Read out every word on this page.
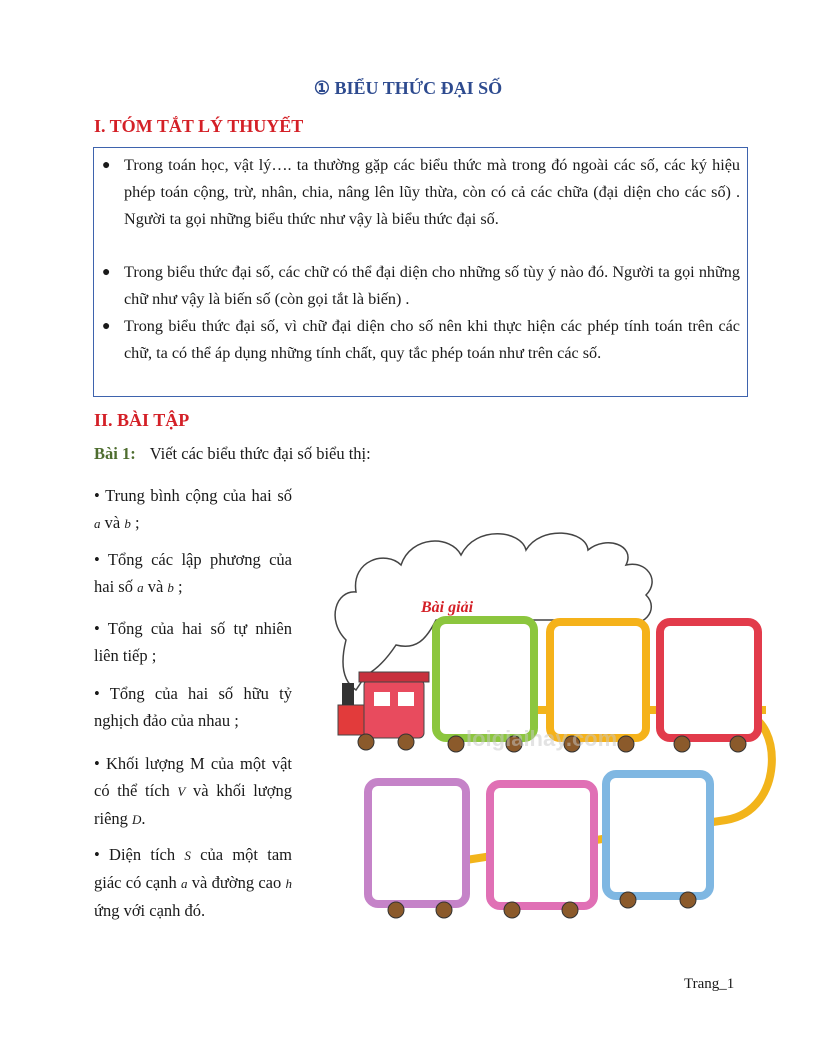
① BIỂU THỨC ĐẠI SỐ
I. TÓM TẮT LÝ THUYẾT
● Trong toán học, vật lý…. ta thường gặp các biểu thức mà trong đó ngoài các số, các ký hiệu phép toán cộng, trừ, nhân, chia, nâng lên lũy thừa, còn có cả các chữa (đại diện cho các số) . Người ta gọi những biểu thức như vậy là biểu thức đại số.
● Trong biểu thức đại số, các chữ có thể đại diện cho những số tùy ý nào đó. Người ta gọi những chữ như vậy là biến số (còn gọi tắt là biến) .
● Trong biểu thức đại số, vì chữ đại diện cho số nên khi thực hiện các phép tính toán trên các chữ, ta có thể áp dụng những tính chất, quy tắc phép toán như trên các số.
II. BÀI TẬP
Bài 1: Viết các biểu thức đại số biểu thị:
• Trung bình cộng của hai số a và b ;
• Tổng các lập phương của hai số a và b ;
• Tổng của hai số tự nhiên liên tiếp ;
• Tổng của hai số hữu tỷ nghịch đảo của nhau ;
• Khối lượng M của một vật có thể tích V và khối lượng riêng D.
• Diện tích S của một tam giác có cạnh a và đường cao h ứng với cạnh đó.
Bài giải
loigiaihay.com
Trang_1
